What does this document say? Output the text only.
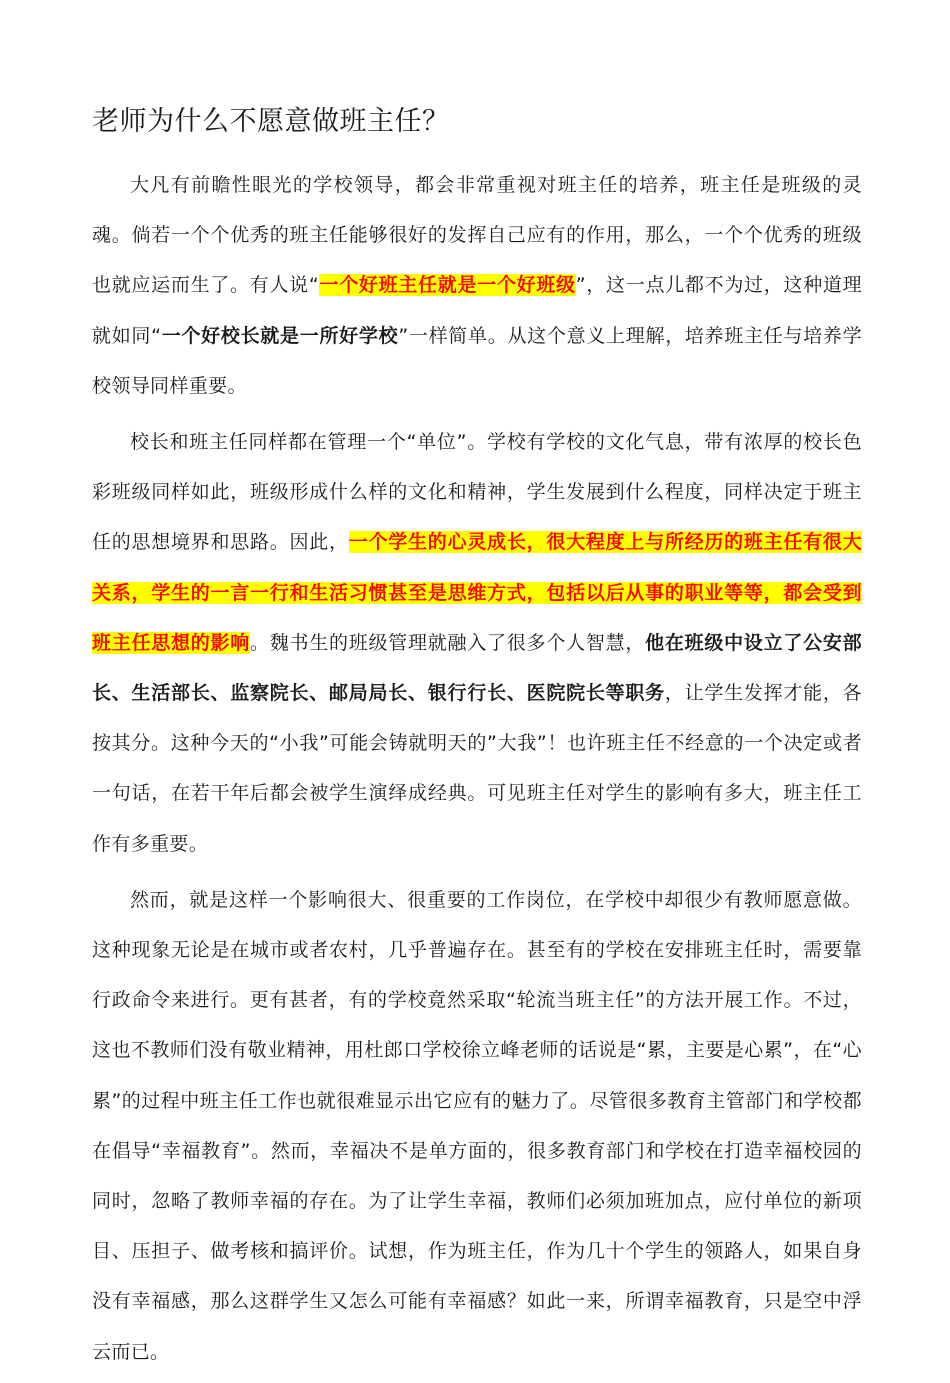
老师为什么不愿意做班主任？

大凡有前瞻性眼光的学校领导，都会非常重视对班主任的培养，班主任是班级的灵魂。倘若一个个优秀的班主任能够很好的发挥自己应有的作用，那么，一个个优秀的班级也就应运而生了。有人说“一个好班主任就是一个好班级”，这一点儿都不为过，这种道理就如同“一个好校长就是一所好学校”一样简单。从这个意义上理解，培养班主任与培养学校领导同样重要。

校长和班主任同样都在管理一个“单位”。学校有学校的文化气息，带有浓厚的校长色彩班级同样如此，班级形成什么样的文化和精神，学生发展到什么程度，同样决定于班主任的思想境界和思路。因此，一个学生的心灵成长，很大程度上与所经历的班主任有很大关系，学生的一言一行和生活习惯甚至是思维方式，包括以后从事的职业等等，都会受到班主任思想的影响。魏书生的班级管理就融入了很多个人智慧，他在班级中设立了公安部长、生活部长、监察院长、邮局局长、银行行长、医院院长等职务，让学生发挥才能，各按其分。这种今天的“小我”可能会铸就明天的”大我”！也许班主任不经意的一个决定或者一句话，在若干年后都会被学生演绎成经典。可见班主任对学生的影响有多大，班主任工作有多重要。

然而，就是这样一个影响很大、很重要的工作岗位，在学校中却很少有教师愿意做。这种现象无论是在城市或者农村，几乎普遍存在。甚至有的学校在安排班主任时，需要靠行政命令来进行。更有甚者，有的学校竟然采取“轮流当班主任”的方法开展工作。不过，这也不教师们没有敬业精神，用杜郎口学校徐立峰老师的话说是“累，主要是心累”，在“心累”的过程中班主任工作也就很难显示出它应有的魅力了。尽管很多教育主管部门和学校都在倡导“幸福教育”。然而，幸福决不是单方面的，很多教育部门和学校在打造幸福校园的同时，忽略了教师幸福的存在。为了让学生幸福，教师们必须加班加点，应付单位的新项目、压担子、做考核和搞评价。试想，作为班主任，作为几十个学生的领路人，如果自身没有幸福感，那么这群学生又怎么可能有幸福感？如此一来，所谓幸福教育，只是空中浮云而已。
